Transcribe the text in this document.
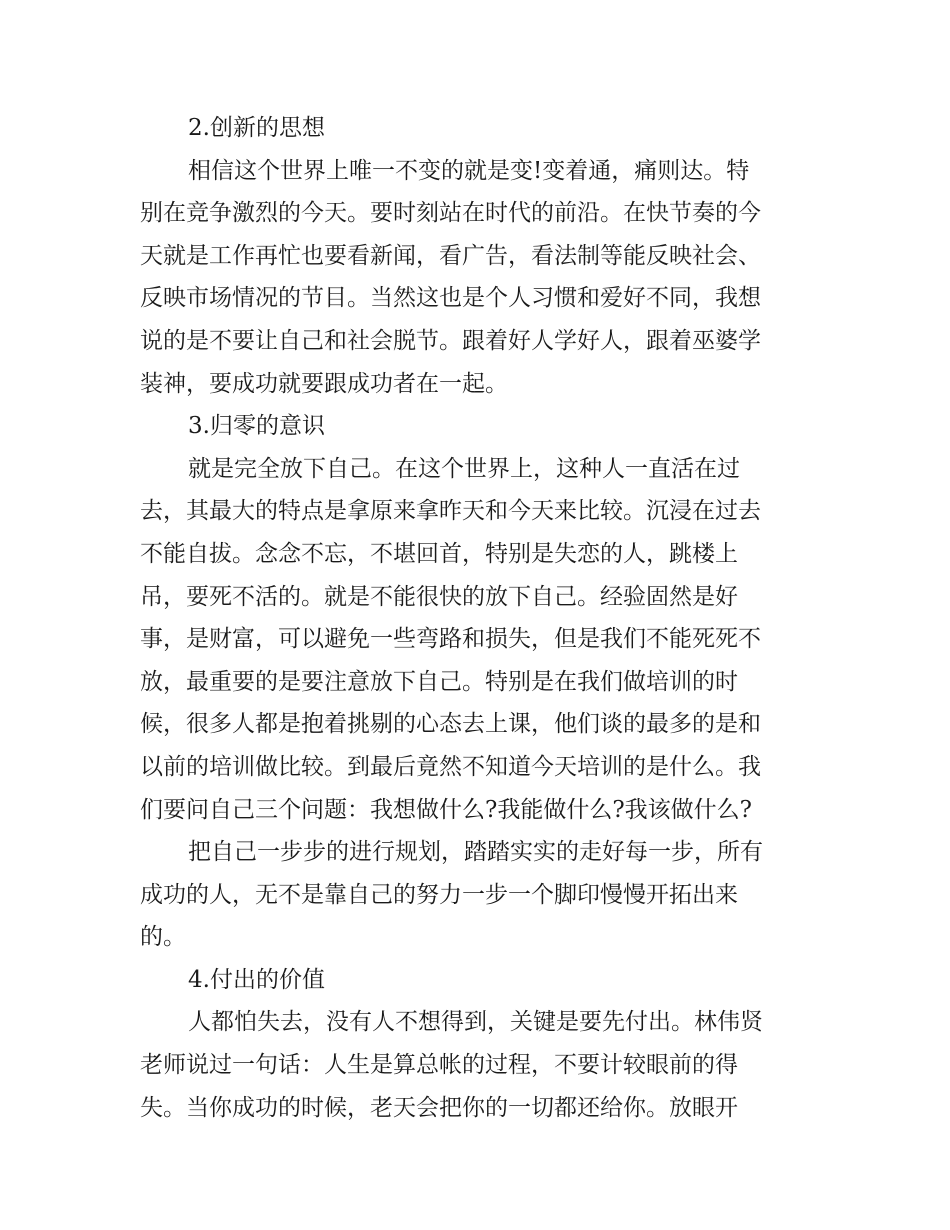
2.创新的思想
相信这个世界上唯一不变的就是变!变着通，痛则达。特
别在竞争激烈的今天。要时刻站在时代的前沿。在快节奏的今
天就是工作再忙也要看新闻，看广告，看法制等能反映社会、
反映市场情况的节目。当然这也是个人习惯和爱好不同，我想
说的是不要让自己和社会脱节。跟着好人学好人，跟着巫婆学
装神，要成功就要跟成功者在一起。
3.归零的意识
就是完全放下自己。在这个世界上，这种人一直活在过
去，其最大的特点是拿原来拿昨天和今天来比较。沉浸在过去
不能自拔。念念不忘，不堪回首，特别是失恋的人，跳楼上
吊，要死不活的。就是不能很快的放下自己。经验固然是好
事，是财富，可以避免一些弯路和损失，但是我们不能死死不
放，最重要的是要注意放下自己。特别是在我们做培训的时
候，很多人都是抱着挑剔的心态去上课，他们谈的最多的是和
以前的培训做比较。到最后竟然不知道今天培训的是什么。我
们要问自己三个问题：我想做什么?我能做什么?我该做什么?
把自己一步步的进行规划，踏踏实实的走好每一步，所有
成功的人，无不是靠自己的努力一步一个脚印慢慢开拓出来
的。
4.付出的价值
人都怕失去，没有人不想得到，关键是要先付出。林伟贤
老师说过一句话：人生是算总帐的过程，不要计较眼前的得
失。当你成功的时候，老天会把你的一切都还给你。放眼开
